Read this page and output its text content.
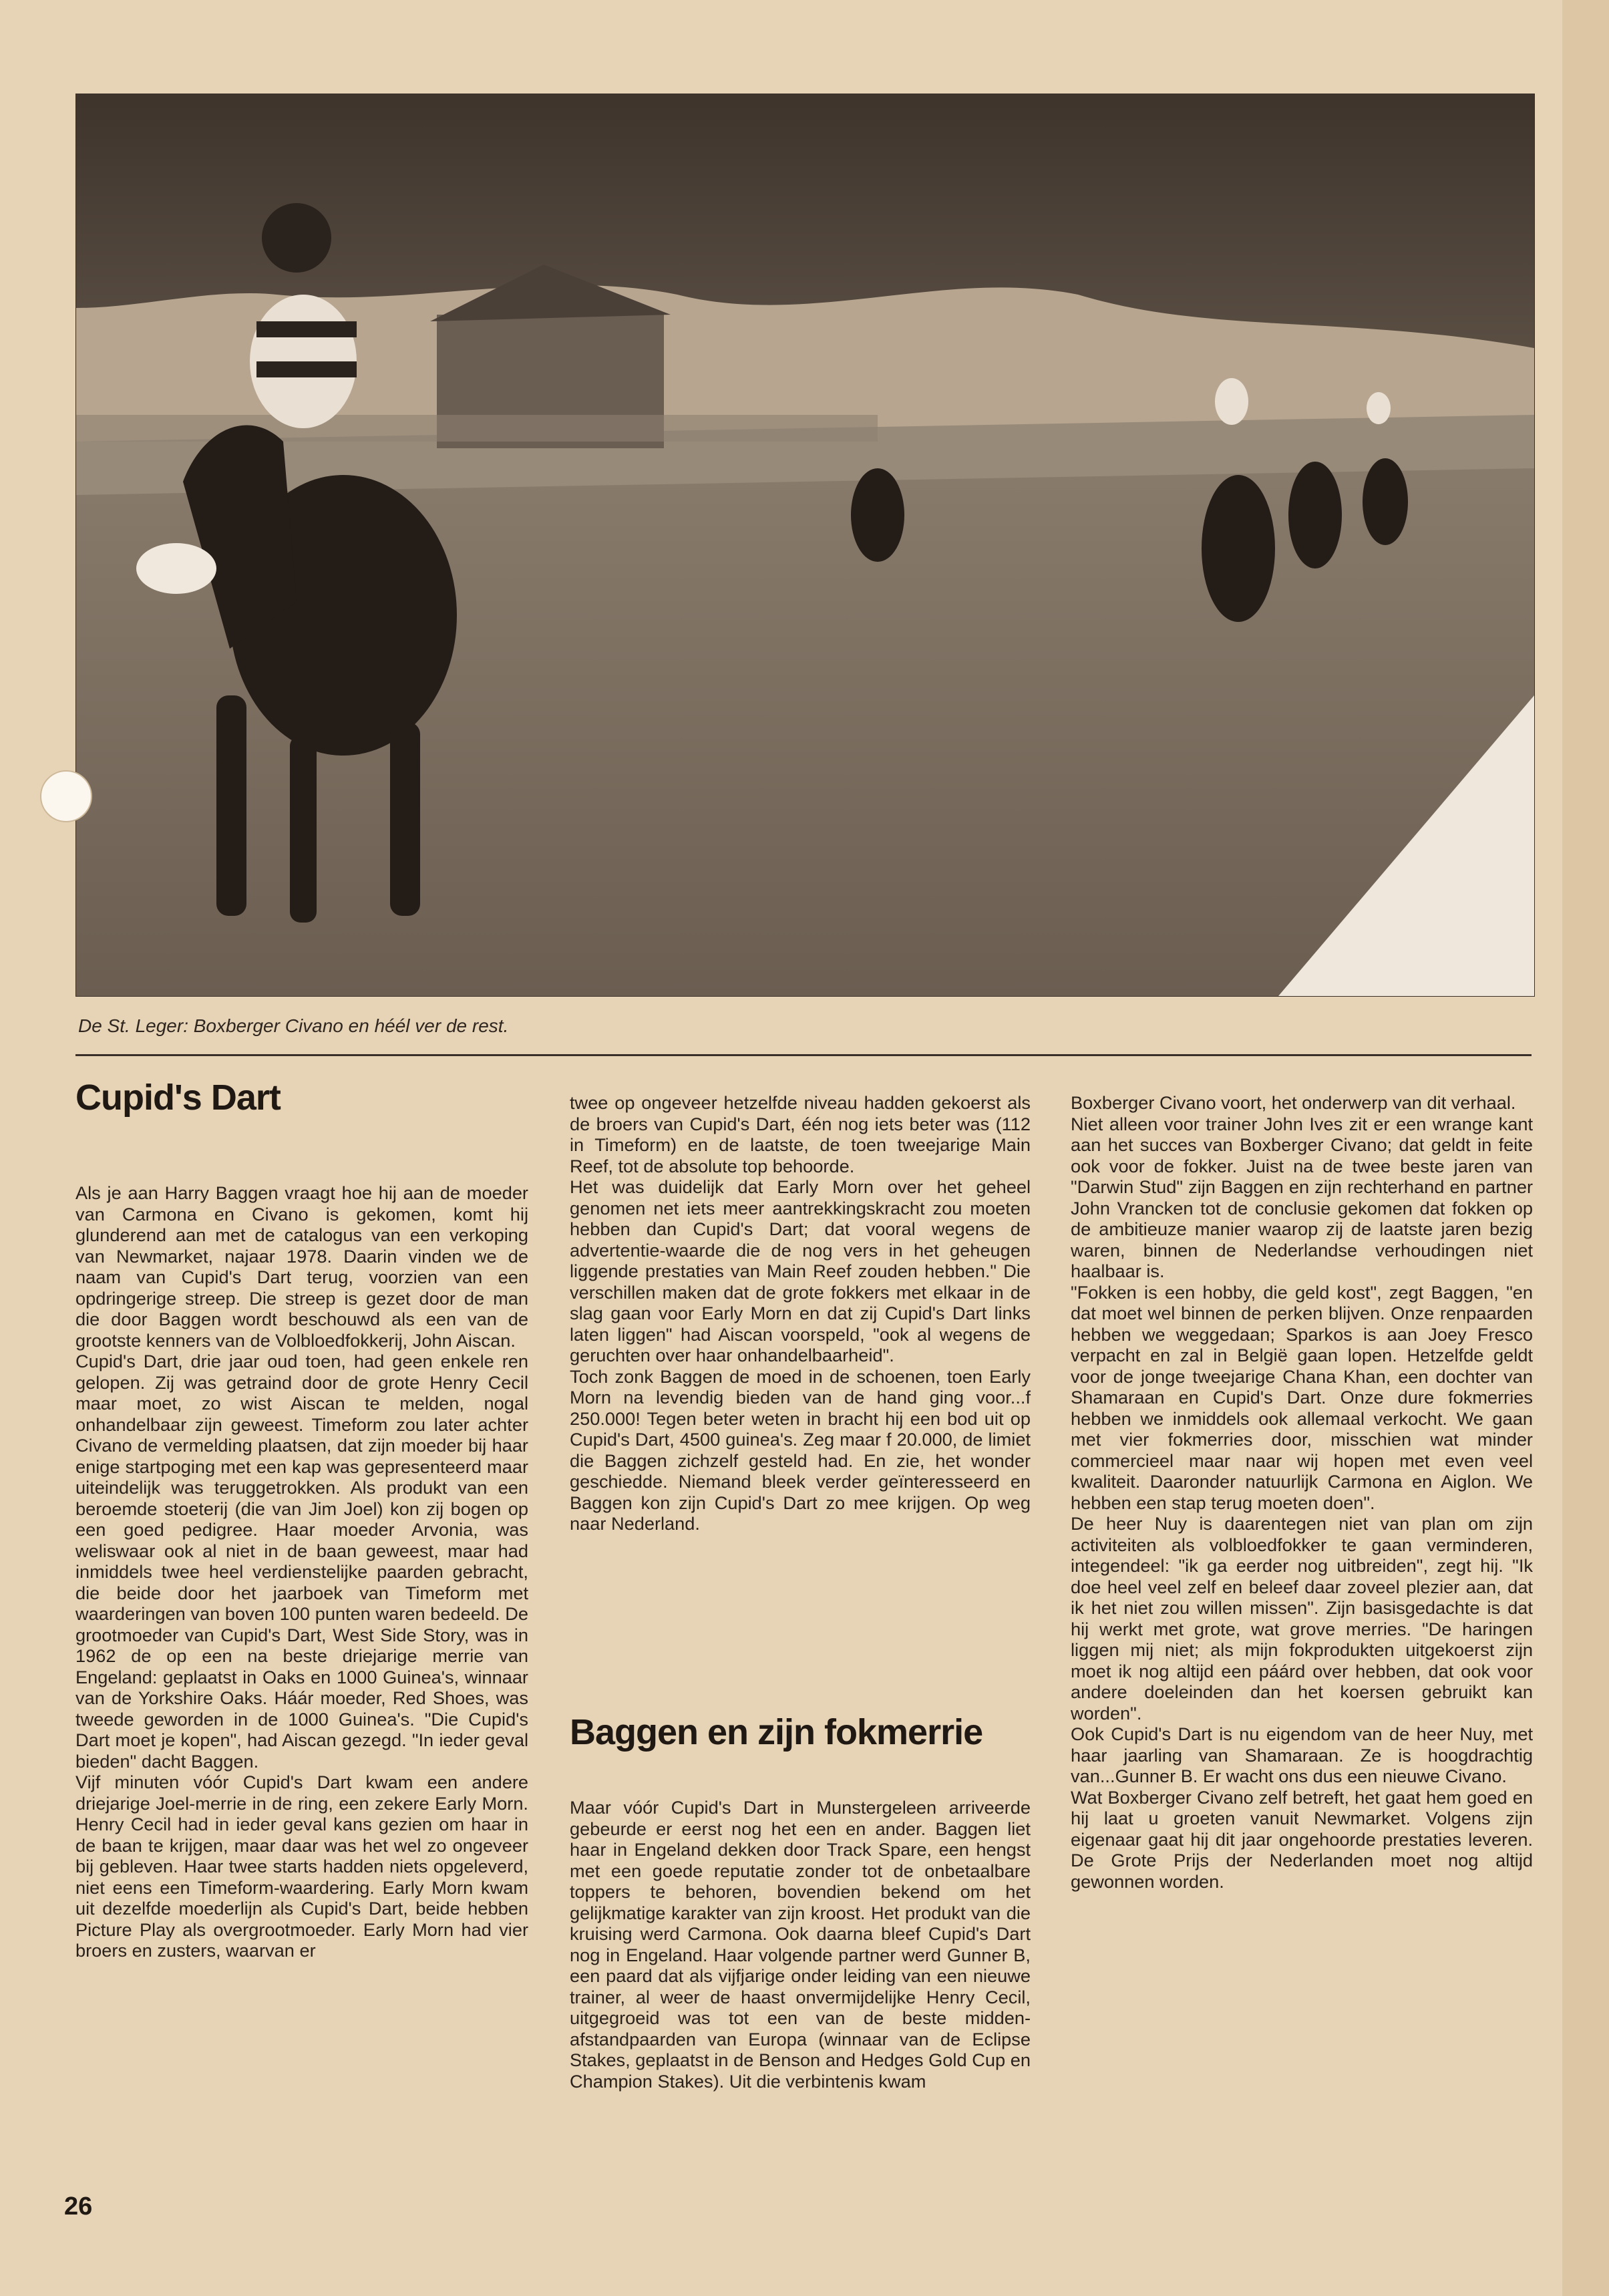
De St. Leger: Boxberger Civano en héél ver de rest.
Cupid's Dart

Als je aan Harry Baggen vraagt hoe hij aan de moeder van Carmona en Civano is gekomen, komt hij glunderend aan met de catalogus van een verkoping van Newmarket, najaar 1978. Daarin vinden we de naam van Cupid's Dart terug, voorzien van een opdringerige streep. Die streep is gezet door de man die door Baggen wordt beschouwd als een van de grootste kenners van de Volbloedfokkerij, John Aiscan.

Cupid's Dart, drie jaar oud toen, had geen enkele ren gelopen. Zij was getraind door de grote Henry Cecil maar moet, zo wist Aiscan te melden, nogal onhandelbaar zijn geweest. Timeform zou later achter Civano de vermelding plaatsen, dat zijn moeder bij haar enige startpoging met een kap was gepresenteerd maar uiteindelijk was teruggetrokken. Als produkt van een beroemde stoeterij (die van Jim Joel) kon zij bogen op een goed pedigree. Haar moeder Arvonia, was weliswaar ook al niet in de baan geweest, maar had inmiddels twee heel verdienstelijke paarden gebracht, die beide door het jaarboek van Timeform met waarderingen van boven 100 punten waren bedeeld. De grootmoeder van Cupid's Dart, West Side Story, was in 1962 de op een na beste driejarige merrie van Engeland: geplaatst in Oaks en 1000 Guinea's, winnaar van de Yorkshire Oaks. Háár moeder, Red Shoes, was tweede geworden in de 1000 Guinea's. "Die Cupid's Dart moet je kopen", had Aiscan gezegd. "In ieder geval bieden" dacht Baggen.

Vijf minuten vóór Cupid's Dart kwam een andere driejarige Joel-merrie in de ring, een zekere Early Morn. Henry Cecil had in ieder geval kans gezien om haar in de baan te krijgen, maar daar was het wel zo ongeveer bij gebleven. Haar twee starts hadden niets opgeleverd, niet eens een Timeform-waardering. Early Morn kwam uit dezelfde moederlijn als Cupid's Dart, beide hebben Picture Play als overgrootmoeder. Early Morn had vier broers en zusters, waarvan er

twee op ongeveer hetzelfde niveau hadden gekoerst als de broers van Cupid's Dart, één nog iets beter was (112 in Timeform) en de laatste, de toen tweejarige Main Reef, tot de absolute top behoorde.

Het was duidelijk dat Early Morn over het geheel genomen net iets meer aantrekkingskracht zou moeten hebben dan Cupid's Dart; dat vooral wegens de advertentie-waarde die de nog vers in het geheugen liggende prestaties van Main Reef zouden hebben." Die verschillen maken dat de grote fokkers met elkaar in de slag gaan voor Early Morn en dat zij Cupid's Dart links laten liggen" had Aiscan voorspeld, "ook al wegens de geruchten over haar onhandelbaarheid".

Toch zonk Baggen de moed in de schoenen, toen Early Morn na levendig bieden van de hand ging voor...f 250.000! Tegen beter weten in bracht hij een bod uit op Cupid's Dart, 4500 guinea's. Zeg maar f 20.000, de limiet die Baggen zichzelf gesteld had. En zie, het wonder geschiedde. Niemand bleek verder geïnteresseerd en Baggen kon zijn Cupid's Dart zo mee krijgen. Op weg naar Nederland.

Baggen en zijn fokmerrie

Maar vóór Cupid's Dart in Munstergeleen arriveerde gebeurde er eerst nog het een en ander. Baggen liet haar in Engeland dekken door Track Spare, een hengst met een goede reputatie zonder tot de onbetaalbare toppers te behoren, bovendien bekend om het gelijkmatige karakter van zijn kroost. Het produkt van die kruising werd Carmona. Ook daarna bleef Cupid's Dart nog in Engeland. Haar volgende partner werd Gunner B, een paard dat als vijfjarige onder leiding van een nieuwe trainer, al weer de haast onvermijdelijke Henry Cecil, uitgegroeid was tot een van de beste midden-afstandpaarden van Europa (winnaar van de Eclipse Stakes, geplaatst in de Benson and Hedges Gold Cup en Champion Stakes). Uit die verbintenis kwam

Boxberger Civano voort, het onderwerp van dit verhaal.

Niet alleen voor trainer John Ives zit er een wrange kant aan het succes van Boxberger Civano; dat geldt in feite ook voor de fokker. Juist na de twee beste jaren van "Darwin Stud" zijn Baggen en zijn rechterhand en partner John Vrancken tot de conclusie gekomen dat fokken op de ambitieuze manier waarop zij de laatste jaren bezig waren, binnen de Nederlandse verhoudingen niet haalbaar is.

"Fokken is een hobby, die geld kost", zegt Baggen, "en dat moet wel binnen de perken blijven. Onze renpaarden hebben we weggedaan; Sparkos is aan Joey Fresco verpacht en zal in België gaan lopen. Hetzelfde geldt voor de jonge tweejarige Chana Khan, een dochter van Shamaraan en Cupid's Dart. Onze dure fokmerries hebben we inmiddels ook allemaal verkocht. We gaan met vier fokmerries door, misschien wat minder commercieel maar naar wij hopen met even veel kwaliteit. Daaronder natuurlijk Carmona en Aiglon. We hebben een stap terug moeten doen".

De heer Nuy is daarentegen niet van plan om zijn activiteiten als volbloedfokker te gaan verminderen, integendeel: "ik ga eerder nog uitbreiden", zegt hij. "Ik doe heel veel zelf en beleef daar zoveel plezier aan, dat ik het niet zou willen missen". Zijn basisgedachte is dat hij werkt met grote, wat grove merries. "De haringen liggen mij niet; als mijn fokprodukten uitgekoerst zijn moet ik nog altijd een páárd over hebben, dat ook voor andere doeleinden dan het koersen gebruikt kan worden".

Ook Cupid's Dart is nu eigendom van de heer Nuy, met haar jaarling van Shamaraan. Ze is hoogdrachtig van...Gunner B. Er wacht ons dus een nieuwe Civano.

Wat Boxberger Civano zelf betreft, het gaat hem goed en hij laat u groeten vanuit Newmarket. Volgens zijn eigenaar gaat hij dit jaar ongehoorde prestaties leveren. De Grote Prijs der Nederlanden moet nog altijd gewonnen worden.

26
